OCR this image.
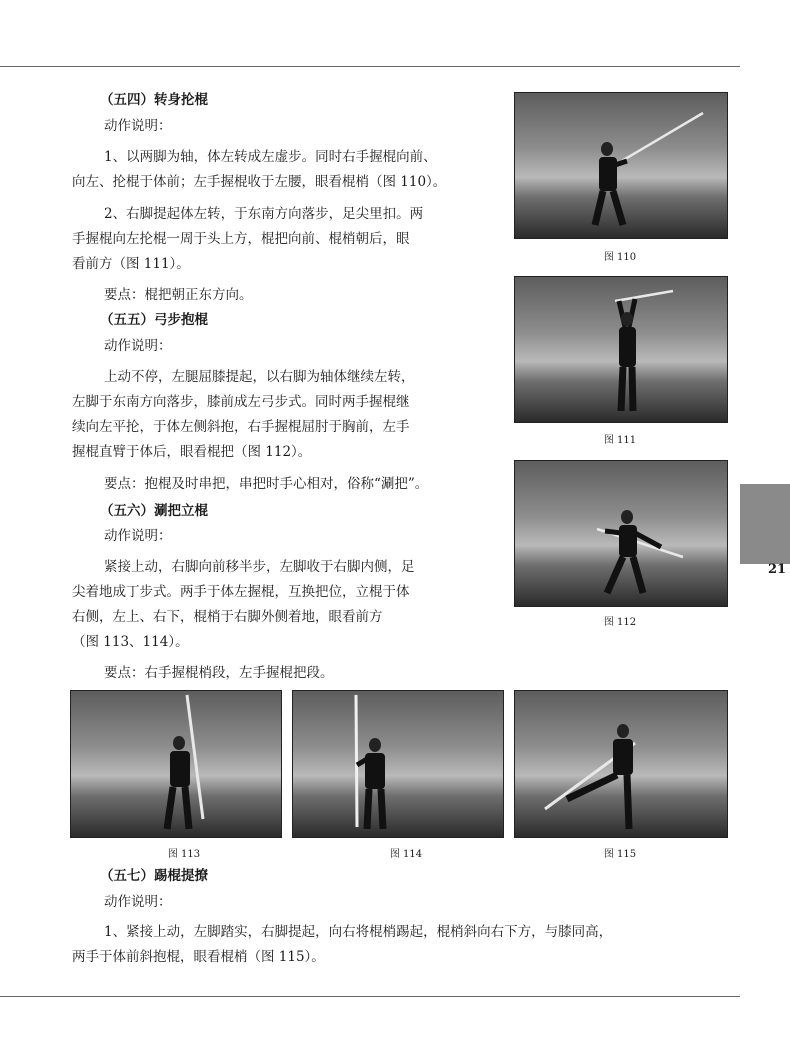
（五四）转身抡棍
动作说明：
1、以两脚为轴，体左转成左虚步。同时右手握棍向前、
向左、抡棍于体前；左手握棍收于左腰，眼看棍梢（图 110）。
2、右脚提起体左转，于东南方向落步，足尖里扣。两
手握棍向左抡棍一周于头上方，棍把向前、棍梢朝后，眼
看前方（图 111）。
要点：棍把朝正东方向。
（五五）弓步抱棍
动作说明：
上动不停，左腿屈膝提起，以右脚为轴体继续左转，
左脚于东南方向落步，膝前成左弓步式。同时两手握棍继
续向左平抡，于体左侧斜抱，右手握棍屈肘于胸前，左手
握棍直臂于体后，眼看棍把（图 112）。
要点：抱棍及时串把，串把时手心相对，俗称“涮把”。
（五六）涮把立棍
动作说明：
紧接上动，右脚向前移半步，左脚收于右脚内侧，足
尖着地成丁步式。两手于体左握棍，互换把位，立棍于体
右侧，左上、右下，棍梢于右脚外侧着地，眼看前方
（图 113、114）。
要点：右手握棍梢段，左手握棍把段。
图 110
图 111
图 112
图 113	图 114	图 115
（五七）踢棍提撩
动作说明：
1、紧接上动，左脚踏实，右脚提起，向右将棍梢踢起，棍梢斜向右下方，与膝同高，
两手于体前斜抱棍，眼看棍梢（图 115）。
21
